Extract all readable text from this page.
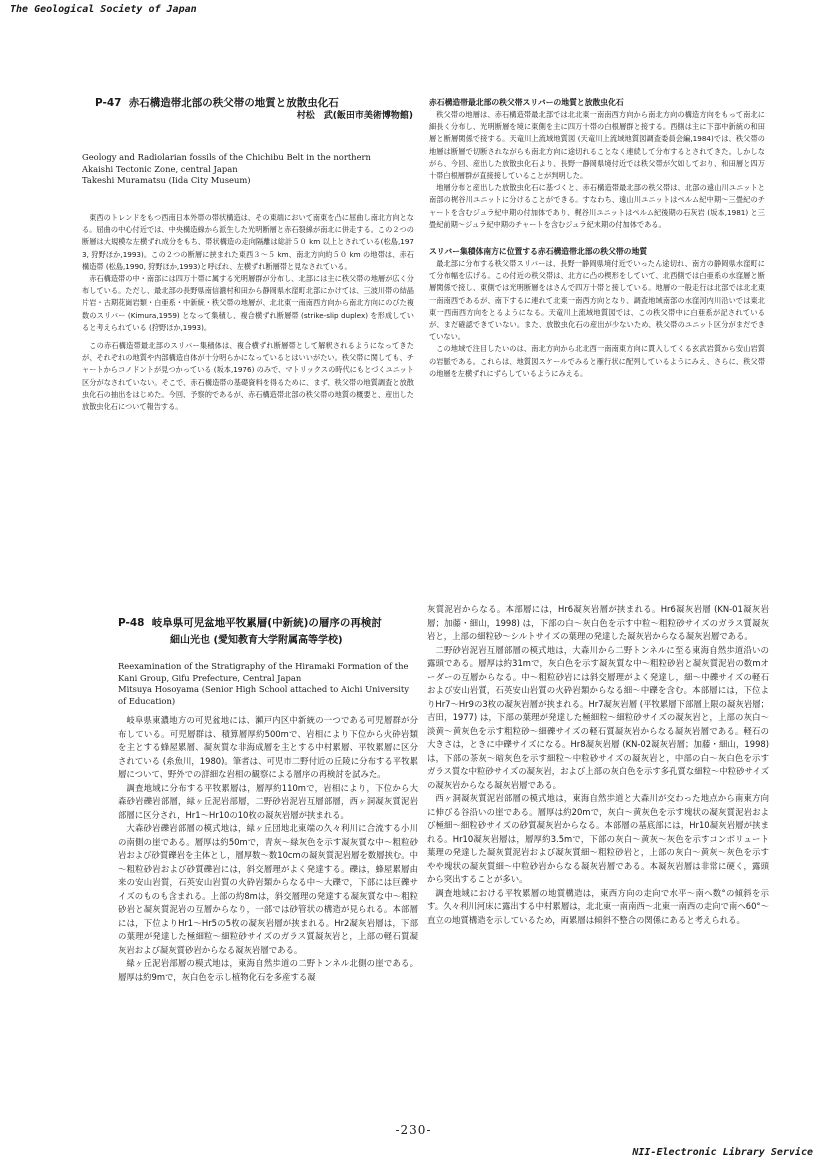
The Geological Society of Japan
P-47 赤石構造帯北部の秩父帯の地質と放散虫化石
村松　武(飯田市美術博物館)

Geology and Radiolarian fossils of the Chichibu Belt in the northern

Akaishi Tectonic Zone, central Japan

Takeshi Muramatsu (Iida City Museum)

東西のトレンドをもつ西南日本外帯の帯状構造は、その東端において南東を凸に屈曲し南北方向となる。屈曲の中心付近では、中央構造線から派生した光明断層と赤石裂線が南北に併走する。この２つの断層は大規模な左横ずれ成分をもち、帯状構造の走向隔離は総計５０ km 以上とされている(松島,1973, 狩野ほか,1993)。この２つの断層に挟まれた東西３～５ km、南北方向約５０ km の地帯は、赤石構造帯 (松島,1990, 狩野ほか,1993)と呼ばれ、左横ずれ断層帯と見なされている。

赤石構造帯の中・南部には四万十帯に属する光明層群が分布し、北部には主に秩父帯の地層が広く分布している。ただし、最北部の長野県南信濃村和田から静岡県水窪町北部にかけては、三波川帯の結晶片岩・古期花崗岩類・白亜系・中新統・秩父帯の地層が、北北東一南南西方向から南北方向にのびた複数のスリバー (Kimura,1959) となって集積し、複合横ずれ断層帯 (strike-slip duplex) を形成していると考えられている (狩野ほか,1993)。

この赤石構造帯最北部のスリバー集積体は、複合横ずれ断層帯として解釈されるようになってきたが、それぞれの地質や内部構造自体が十分明らかになっているとはいいがたい。秩父帯に関しても、チャートからコノドントが見つかっている (坂本,1976) のみで、マトリックスの時代にもとづくユニット区分がなされていない。そこで、赤石構造帯の基礎資料を得るために、まず、秩父帯の地質調査と放散虫化石の抽出をはじめた。今回、予察的であるが、赤石構造帯北部の秩父帯の地質の概要と、産出した放散虫化石について報告する。

赤石構造帯最北部の秩父帯スリバーの地質と放散虫化石

秩父帯の地層は、赤石構造帯最北部では北北東一南南西方向から南北方向の構造方向をもって南北に細長く分布し、光明断層を境に東側を主に四万十帯の白根層群と接する。西側は主に下部中新統の和田層と断層関係で接する。天竜川上流域地質図 (天竜川上流域地質図調査委員会編,1984)では、秩父帯の地層は断層で切断されながらも南北方向に途切れることなく連続して分布するとされてきた。しかしながら、今回、産出した放散虫化石より、長野一静岡県境付近では秩父帯が欠如しており、和田層と四万十帯白根層群が直接接していることが判明した。

地層分布と産出した放散虫化石に基づくと、赤石構造帯最北部の秩父帯は、北部の遠山川ユニットと南部の梶谷川ユニットに分けることができる。すなわち、遠山川ユニットはペルム紀中期～三畳紀のチャートを含むジュラ紀中期の付加体であり、梶谷川ユニットはペルム紀後期の石灰岩 (坂本,1981) と三畳紀前期～ジュラ紀中期のチャートを含むジュラ紀末期の付加体である。

スリバー集積体南方に位置する赤石構造帯北部の秩父帯の地質

最北部に分布する秩父帯スリバーは、長野一静岡県境付近でいったん途切れ、南方の静岡県水窪町にて分布幅を広げる。この付近の秩父帯は、北方に凸の楔形をしていて、北西側では白亜系の水窪層と断層関係で接し、東側では光明断層をはさんで四万十帯と接している。地層の一般走行は北部では北北東一南南西であるが、南下するに連れて北東一南西方向となり、調査地域南部の水窪河内川沿いでは東北東一西南西方向をとるようになる。天竜川上流域地質図では、この秩父帯中に白亜系が記されているが、まだ確認できていない。また、放散虫化石の産出が少ないため、秩父帯のユニット区分がまだできていない。

この地域で注目したいのは、南北方向から北北西一南南東方向に貫入してくる玄武岩質から安山岩質の岩脈である。これらは、地質図スケールでみると雁行状に配列しているようにみえ、さらに、秩父帯の地層を左横ずれにずらしているようにみえる。

P-48 岐阜県可児盆地平牧累層(中新統)の層序の再検討
細山光也 (愛知教育大学附属高等学校)

Reexamination of the Stratigraphy of the Hiramaki Formation of the

Kani Group, Gifu Prefecture, Central Japan

Mitsuya Hosoyama (Senior High School attached to Aichi University

of Education)

岐阜県東濃地方の可児盆地には、瀬戸内区中新統の一つである可児層群が分布している。可児層群は、積算層厚約500mで、岩相により下位から火砕岩類を主とする蜂屋累層、凝灰質な非海成層を主とする中村累層、平牧累層に区分されている (糸魚川，1980)。筆者は、可児市二野付近の丘陵に分布する平牧累層について、野外での詳細な岩相の観察による層序の再検討を試みた。

調査地域に分布する平牧累層は，層厚約110mで，岩相により，下位から大森砂岩礫岩部層，緑ヶ丘泥岩部層，二野砂岩泥岩互層部層，西ヶ洞凝灰質泥岩部層に区分され，Hr1～Hr10の10枚の凝灰岩層が挟まれる。

大森砂岩礫岩部層の模式地は，緑ヶ丘団地北東端の久々利川に合流する小川の南側の崖である。層厚は約50mで，青灰～緑灰色を示す凝灰質な中～粗粒砂岩および砂質礫岩を主体とし，層厚数～数10cmの凝灰質泥岩層を数層挟む。中～粗粒砂岩および砂質礫岩には，斜交層理がよく発達する。礫は，蜂屋累層由来の安山岩質，石英安山岩質の火砕岩類からなる中～大礫で，下部には巨礫サイズのものも含まれる。上部の約8mは，斜交層理の発達する凝灰質な中～粗粒砂岩と凝灰質泥岩の互層からなり，一部では砂管状の構造が見られる。本部層には，下位よりHr1～Hr5の5枚の凝灰岩層が挟まれる。Hr2凝灰岩層は，下部の葉理が発達した極細粒～細粒砂サイズのガラス質凝灰岩と，上部の軽石質凝灰岩および凝灰質砂岩からなる凝灰岩層である。

緑ヶ丘泥岩部層の模式地は，東海自然歩道の二野トンネル北側の崖である。層厚は約9mで，灰白色を示し植物化石を多産する凝

灰質泥岩からなる。本部層には，Hr6凝灰岩層が挟まれる。Hr6凝灰岩層 (KN-01凝灰岩層；加藤・細山，1998) は，下部の白～灰白色を示す中粒～粗粒砂サイズのガラス質凝灰岩と，上部の細粒砂～シルトサイズの葉理の発達した凝灰岩からなる凝灰岩層である。

二野砂岩泥岩互層部層の模式地は，大森川から二野トンネルに至る東海自然歩道沿いの露頭である。層厚は約31mで，灰白色を示す凝灰質な中～粗粒砂岩と凝灰質泥岩の数mオーダーの互層からなる。中～粗粒砂岩には斜交層理がよく発達し，細～中礫サイズの軽石および安山岩質，石英安山岩質の火砕岩類からなる細～中礫を含む。本部層には，下位よりHr7～Hr9の3枚の凝灰岩層が挟まれる。Hr7凝灰岩層 (平牧累層下部層上限の凝灰岩層；吉田，1977) は，下部の葉理が発達した極細粒～細粒砂サイズの凝灰岩と，上部の灰白～淡黄～黄灰色を示す粗粒砂～細礫サイズの軽石質凝灰岩からなる凝灰岩層である。軽石の大きさは，ときに中礫サイズになる。Hr8凝灰岩層 (KN-02凝灰岩層；加藤・細山，1998) は，下部の茶灰～暗灰色を示す細粒～中粒砂サイズの凝灰岩と，中部の白～灰白色を示すガラス質な中粒砂サイズの凝灰岩，および上部の灰白色を示す多孔質な細粒～中粒砂サイズの凝灰岩からなる凝灰岩層である。

西ヶ洞凝灰質泥岩部層の模式地は，東海自然歩道と大森川が交わった地点から南東方向に伸びる谷沿いの崖である。層厚は約20mで，灰白～黄灰色を示す塊状の凝灰質泥岩および極細～細粒砂サイズの砂質凝灰岩からなる。本部層の基底部には，Hr10凝灰岩層が挟まれる。Hr10凝灰岩層は，層厚約3.5mで，下部の灰白～黄灰～灰色を示すコンボリュート葉理の発達した凝灰質泥岩および凝灰質細～粗粒砂岩と，上部の灰白～黄灰～灰色を示すやや塊状の凝灰質細～中粒砂岩からなる凝灰岩層である。本凝灰岩層は非常に硬く，露頭から突出することが多い。

調査地域における平牧累層の地質構造は，東西方向の走向で水平～南へ数°の傾斜を示す。久々利川河床に露出する中村累層は，北北東一南南西～北東一南西の走向で南へ60°～直立の地質構造を示しているため，両累層は傾斜不整合の関係にあると考えられる。

-230-
NII-Electronic Library Service
